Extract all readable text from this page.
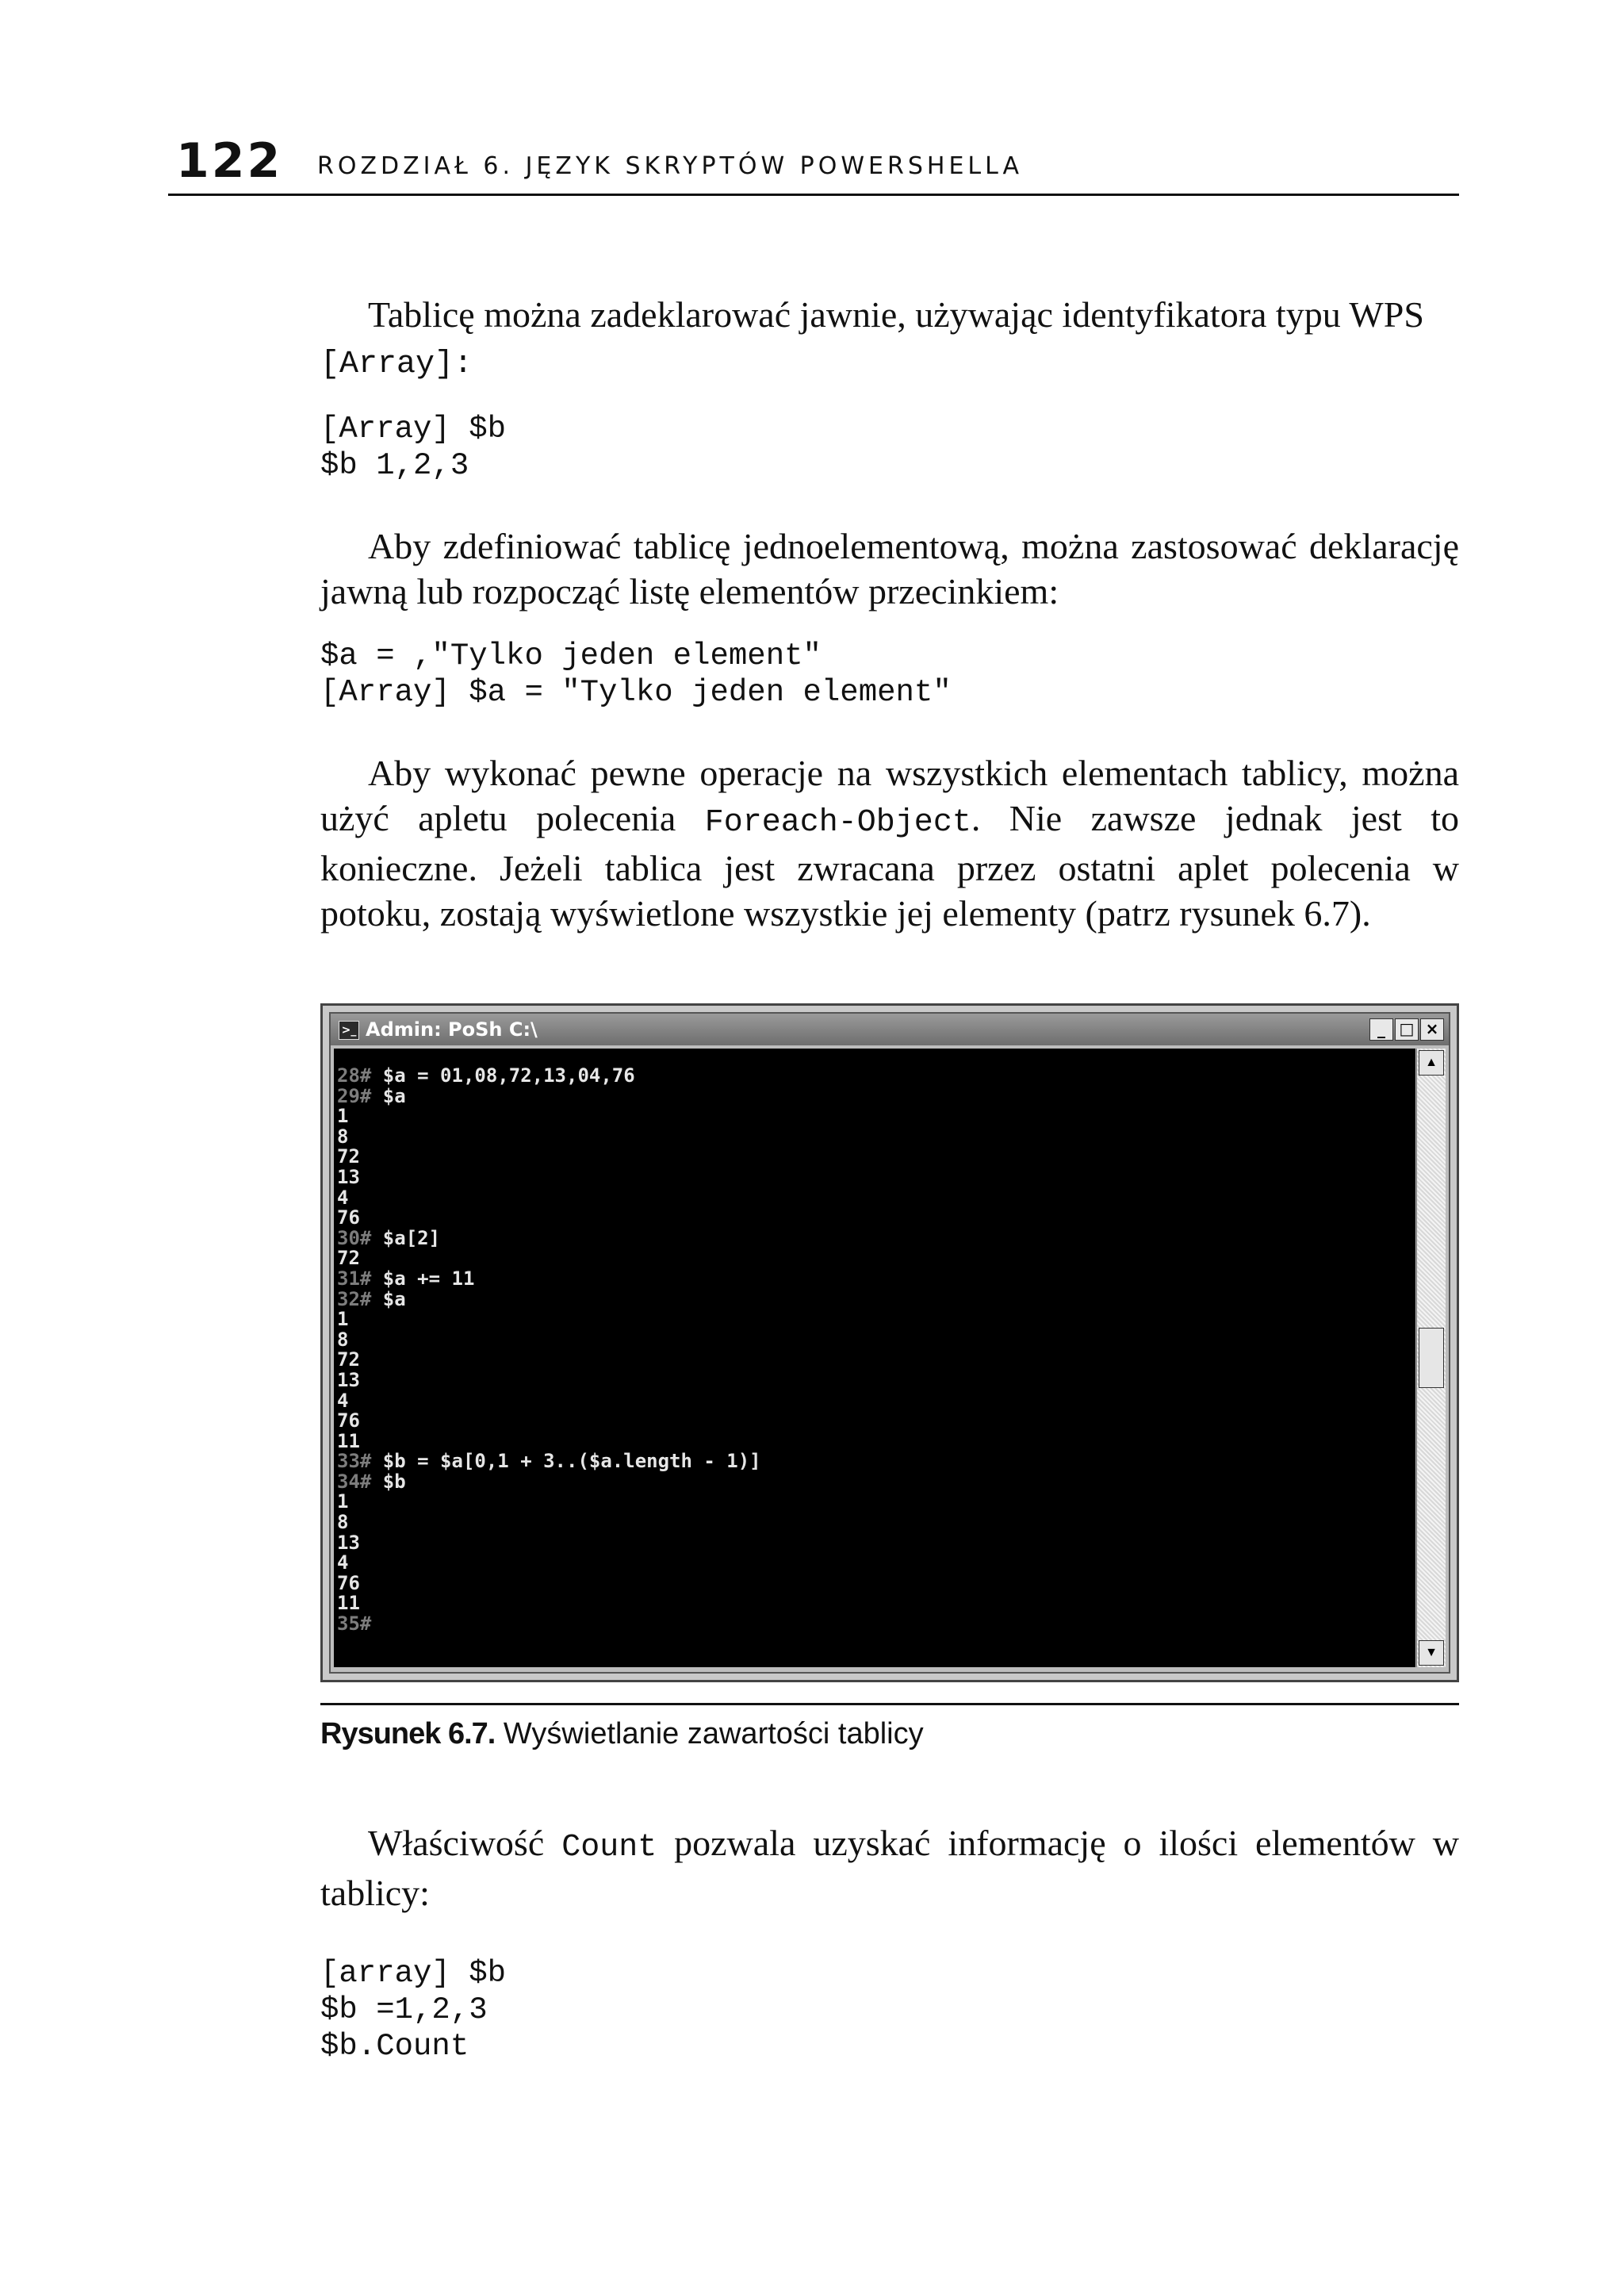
122 ROZDZIAŁ 6. JĘZYK SKRYPTÓW POWERSHELLA

Tablicę można zadeklarować jawnie, używając identyfikatora typu WPS
[Array]:

[Array] $b
$b 1,2,3

Aby zdefiniować tablicę jednoelementową, można zastosować deklarację jawną lub rozpocząć listę elementów przecinkiem:

$a = ,"Tylko jeden element"
[Array] $a = "Tylko jeden element"

Aby wykonać pewne operacje na wszystkich elementach tablicy, można użyć apletu polecenia Foreach-Object. Nie zawsze jednak jest to konieczne. Jeżeli tablica jest zwracana przez ostatni aplet polecenia w potoku, zostają wyświetlone wszystkie jej elementy (patrz rysunek 6.7).

>_ Admin: PoSh C:\	_ □ ×
28# $a = 01,08,72,13,04,76
29# $a
1
8
72
13
4
76
30# $a[2]
72
31# $a += 11
32# $a
1
8
72
13
4
76
11
33# $b = $a[0,1 + 3..($a.length - 1)]
34# $b
1
8
13
4
76
11
35#
▲
▼
Rysunek 6.7. Wyświetlanie zawartości tablicy

Właściwość Count pozwala uzyskać informację o ilości elementów w tablicy:

[array] $b
$b =1,2,3
$b.Count
